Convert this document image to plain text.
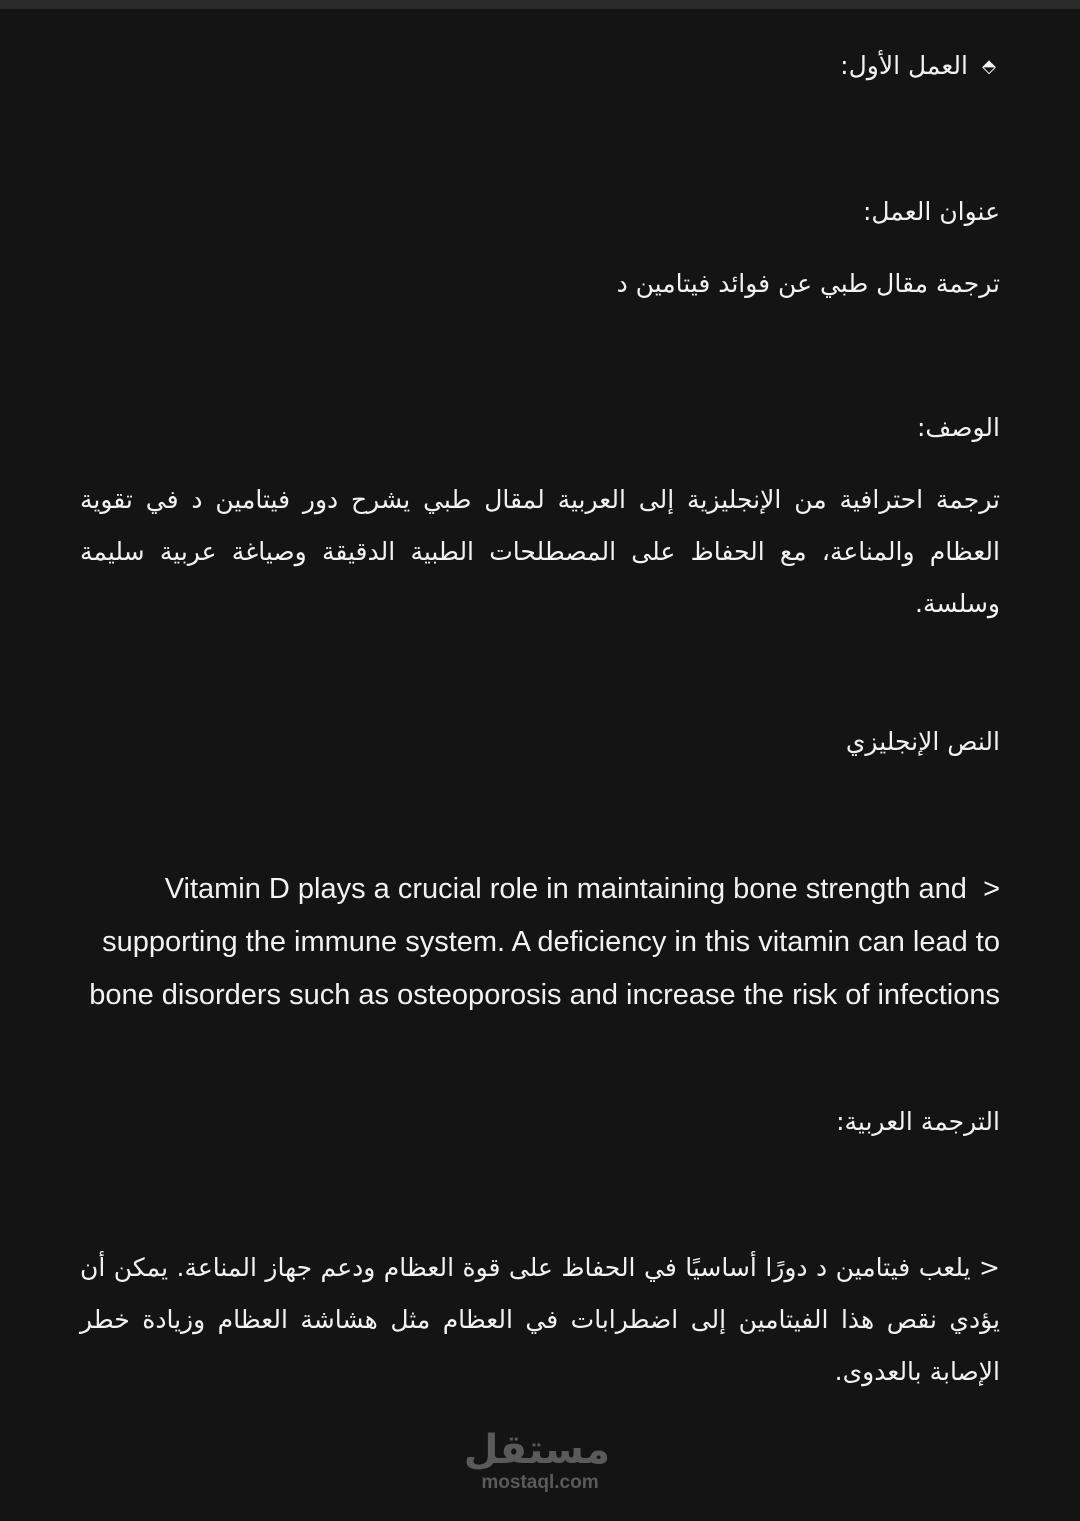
⬘العمل الأول:

عنوان العمل:

ترجمة مقال طبي عن فوائد فيتامين د

الوصف:

ترجمة احترافية من الإنجليزية إلى العربية لمقال طبي يشرح دور فيتامين د في تقوية العظام والمناعة، مع الحفاظ على المصطلحات الطبية الدقيقة وصياغة عربية سليمة وسلسة.

النص الإنجليزي

<  Vitamin D plays a crucial role in maintaining bone strength and supporting the immune system. A deficiency in this vitamin can lead to bone disorders such as osteoporosis and increase the risk of infections

الترجمة العربية:

< يلعب فيتامين د دورًا أساسيًا في الحفاظ على قوة العظام ودعم جهاز المناعة. يمكن أن يؤدي نقص هذا الفيتامين إلى اضطرابات في العظام مثل هشاشة العظام وزيادة خطر الإصابة بالعدوى.

مستقل
mostaql.com
